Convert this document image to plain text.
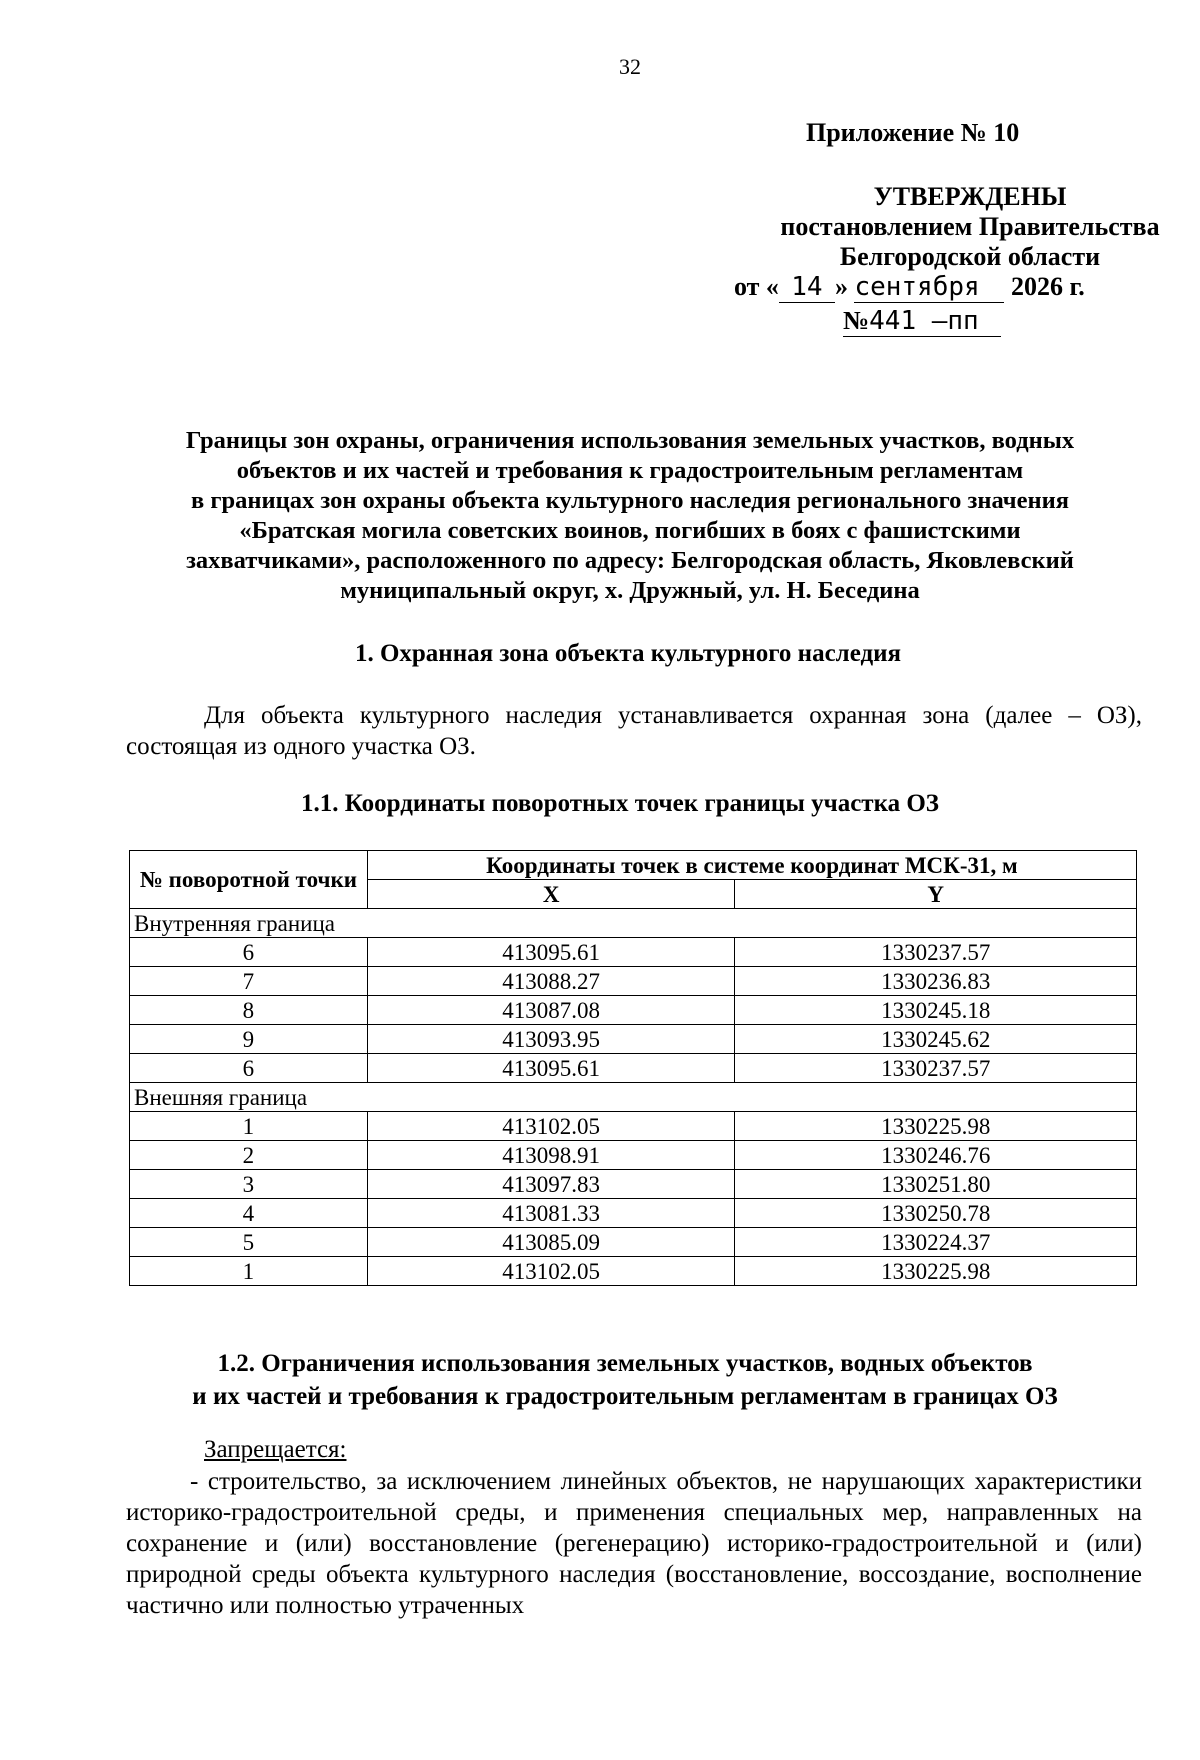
32
Приложение № 10
УТВЕРЖДЕНЫ
постановлением Правительства
Белгородской области
от « 14 » сентября 2026 г.
№441 –пп
Границы зон охраны, ограничения использования земельных участков, водных
объектов и их частей и требования к градостроительным регламентам
в границах зон охраны объекта культурного наследия регионального значения
«Братская могила советских воинов, погибших в боях с фашистскими
захватчиками», расположенного по адресу: Белгородская область, Яковлевский
муниципальный округ, х. Дружный, ул. Н. Беседина
1. Охранная зона объекта культурного наследия
Для объекта культурного наследия устанавливается охранная зона (далее – ОЗ), состоящая из одного участка ОЗ.
1.1. Координаты поворотных точек границы участка ОЗ
№ поворотной точки	Координаты точек в системе координат МСК-31, м	
	X	Y
Внутренняя граница		
6	413095.61	1330237.57
7	413088.27	1330236.83
8	413087.08	1330245.18
9	413093.95	1330245.62
6	413095.61	1330237.57
Внешняя граница		
1	413102.05	1330225.98
2	413098.91	1330246.76
3	413097.83	1330251.80
4	413081.33	1330250.78
5	413085.09	1330224.37
1	413102.05	1330225.98
1.2. Ограничения использования земельных участков, водных объектов
и их частей и требования к градостроительным регламентам в границах ОЗ
Запрещается:
- строительство, за исключением линейных объектов, не нарушающих характеристики историко-градостроительной среды, и применения специальных мер, направленных на сохранение и (или) восстановление (регенерацию) историко-градостроительной и (или) природной среды объекта культурного наследия (восстановление, воссоздание, восполнение частично или полностью утраченных
